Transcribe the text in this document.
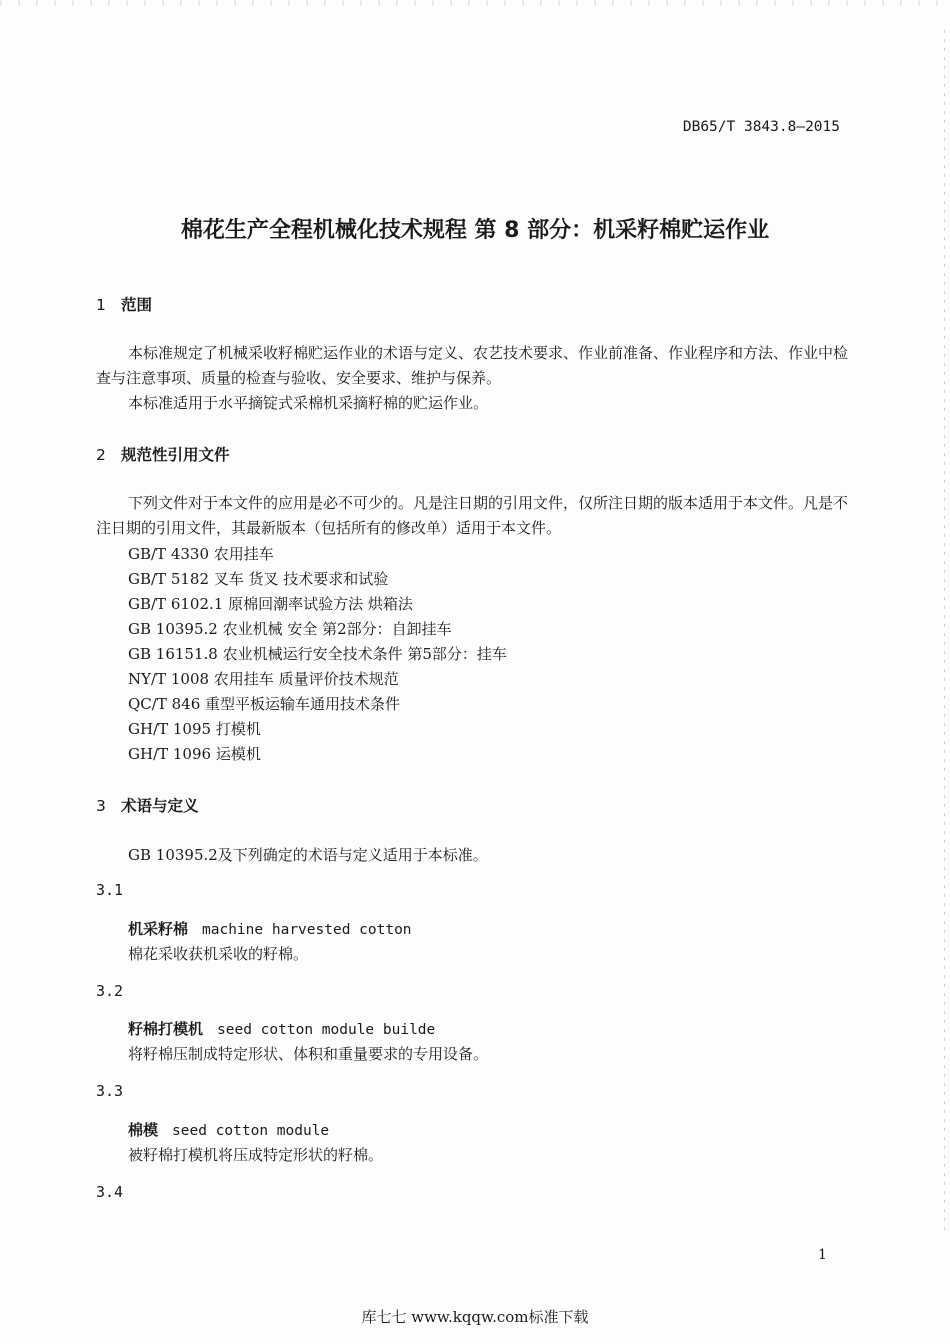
DB65/T 3843.8—2015
棉花生产全程机械化技术规程 第 8 部分：机采籽棉贮运作业
1 范围
本标准规定了机械采收籽棉贮运作业的术语与定义、农艺技术要求、作业前准备、作业程序和方法、作业中检查与注意事项、质量的检查与验收、安全要求、维护与保养。
本标准适用于水平摘锭式采棉机采摘籽棉的贮运作业。
2 规范性引用文件
下列文件对于本文件的应用是必不可少的。凡是注日期的引用文件，仅所注日期的版本适用于本文件。凡是不注日期的引用文件，其最新版本（包括所有的修改单）适用于本文件。
GB/T 4330 农用挂车
GB/T 5182 叉车 货叉 技术要求和试验
GB/T 6102.1 原棉回潮率试验方法 烘箱法
GB 10395.2 农业机械 安全 第2部分：自卸挂车
GB 16151.8 农业机械运行安全技术条件 第5部分：挂车
NY/T 1008 农用挂车 质量评价技术规范
QC/T 846 重型平板运输车通用技术条件
GH/T 1095 打模机
GH/T 1096 运模机
3 术语与定义
GB 10395.2及下列确定的术语与定义适用于本标准。
3.1
机采籽棉 machine harvested cotton
棉花采收获机采收的籽棉。
3.2
籽棉打模机 seed cotton module builde
将籽棉压制成特定形状、体积和重量要求的专用设备。
3.3
棉模 seed cotton module
被籽棉打模机将压成特定形状的籽棉。
3.4
1
库七七 www.kqqw.com标准下载
